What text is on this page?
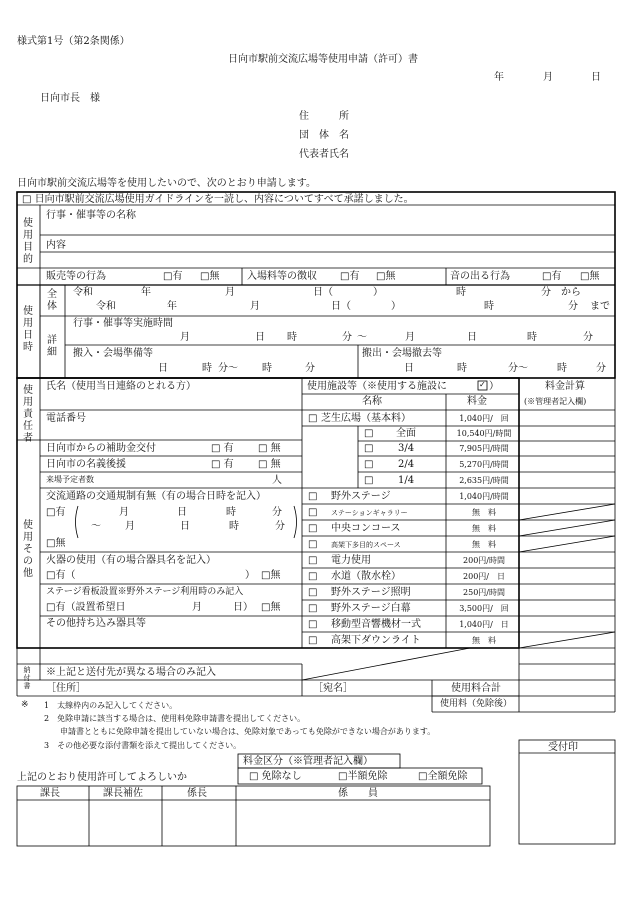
様式第1号（第2条関係）
日向市駅前交流広場等使用申請（許可）書
年	月	日
日向市長　様
住　　　所
団　体　名
代表者氏名
日向市駅前交流広場等を使用したいので、次のとおり申請します。
□ 日向市駅前交流広場使用ガイドラインを一読し、内容についてすべて承諾しました。
使用目的
行事・催事等の名称
内容
販売等の行為	□有 □無	入場料等の徴収 □有 □無	音の出る行為	□有 □無
使用日時
全体
詳細
令和	年	月	日（　　　　）	時	分 から
令和	年	月	日（　　　　）	時	分 まで
行事・催事等実施時間
月	日 時	分 ～	月	日	時	分
搬入・会場準備等
日	時 分～ 時	分
搬出・会場撤去等
日	時	分～	時	分
使用責任者
氏名（使用当日連絡のとれる方）
電話番号
使用その他
日向市からの補助金交付	□ 有 □ 無
日向市の名義後援	□ 有 □ 無
来場予定者数	人
交流通路の交通規制有無（有の場合日時を記入）
□有	月	日	時	分
～ 月	日	時	分
□無
火器の使用（有の場合器具名を記入）
□有（	） □無
ステージ看板設置※野外ステージ利用時のみ記入
□有（設置希望日	月	日） □無
その他持ち込み器具等
使用施設等（※使用する施設に	✓ ）
名称	料金
料金計算
(※管理者記入欄)
□ 芝生広場（基本料）	1,040円/　回
□ 全面	10,540円/時間
□ 3/4	7,905円/時間
□ 2/4	5,270円/時間
□ 1/4	2,635円/時間
□ 野外ステージ	1,040円/時間
□ ステーションギャラリー	無　料
□ 中央コンコース	無　料
□ 高架下多目的スペース	無　料
□ 電力使用	200円/時間
□ 水道（散水栓）	200円/　日
□ 野外ステージ照明	250円/時間
□ 野外ステージ白幕	3,500円/　回
□ 移動型音響機材一式	1,040円/　日
□ 高架下ダウンライト	無　料
納付書
※上記と送付先が異なる場合のみ記入
［住所］	［宛名］	使用料合計
使用料（免除後）
※ 1　太線枠内のみ記入してください。
2　免除申請に該当する場合は、使用料免除申請書を提出してください。
申請書とともに免除申請を提出していない場合は、免除対象であっても免除ができない場合があります。
3　その他必要な添付書類を添えて提出してください。	受付印
料金区分（※管理者記入欄）
□ 免除なし	□半額免除	□全額免除
上記のとおり使用許可してよろしいか
課長	課長補佐	係長	係　　員
